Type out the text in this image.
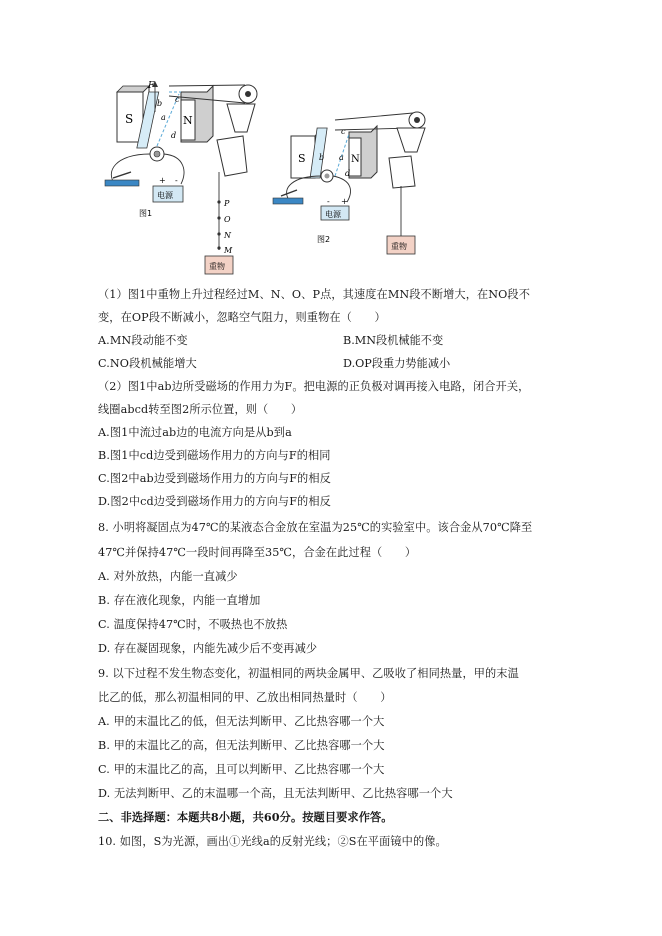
S	N
b
a
c
d
F
电源
+ -
图1
P
O
N
M
重物
S	N
b a
c
d
电源
- +
图2
重物
（1）图1中重物上升过程经过M、N、O、P点，其速度在MN段不断增大，在NO段不
变，在OP段不断减小，忽略空气阻力，则重物在（　　）
A.MN段动能不变	B.MN段机械能不变
C.NO段机械能增大	D.OP段重力势能减小
（2）图1中ab边所受磁场的作用力为F。把电源的正负极对调再接入电路，闭合开关，
线圈abcd转至图2所示位置，则（　　）
A.图1中流过ab边的电流方向是从b到a
B.图1中cd边受到磁场作用力的方向与F的相同
C.图2中ab边受到磁场作用力的方向与F的相反
D.图2中cd边受到磁场作用力的方向与F的相反
8. 小明将凝固点为47℃的某液态合金放在室温为25℃的实验室中。该合金从70℃降至
47℃并保持47℃一段时间再降至35℃，合金在此过程（　　）
A. 对外放热，内能一直减少
B. 存在液化现象，内能一直增加
C. 温度保持47℃时，不吸热也不放热
D. 存在凝固现象，内能先减少后不变再减少
9. 以下过程不发生物态变化，初温相同的两块金属甲、乙吸收了相同热量，甲的末温
比乙的低，那么初温相同的甲、乙放出相同热量时（　　）
A. 甲的末温比乙的低，但无法判断甲、乙比热容哪一个大
B. 甲的末温比乙的高，但无法判断甲、乙比热容哪一个大
C. 甲的末温比乙的高，且可以判断甲、乙比热容哪一个大
D. 无法判断甲、乙的末温哪一个高，且无法判断甲、乙比热容哪一个大
二、非选择题：本题共8小题，共60分。按题目要求作答。
10. 如图，S为光源，画出①光线a的反射光线；②S在平面镜中的像。
